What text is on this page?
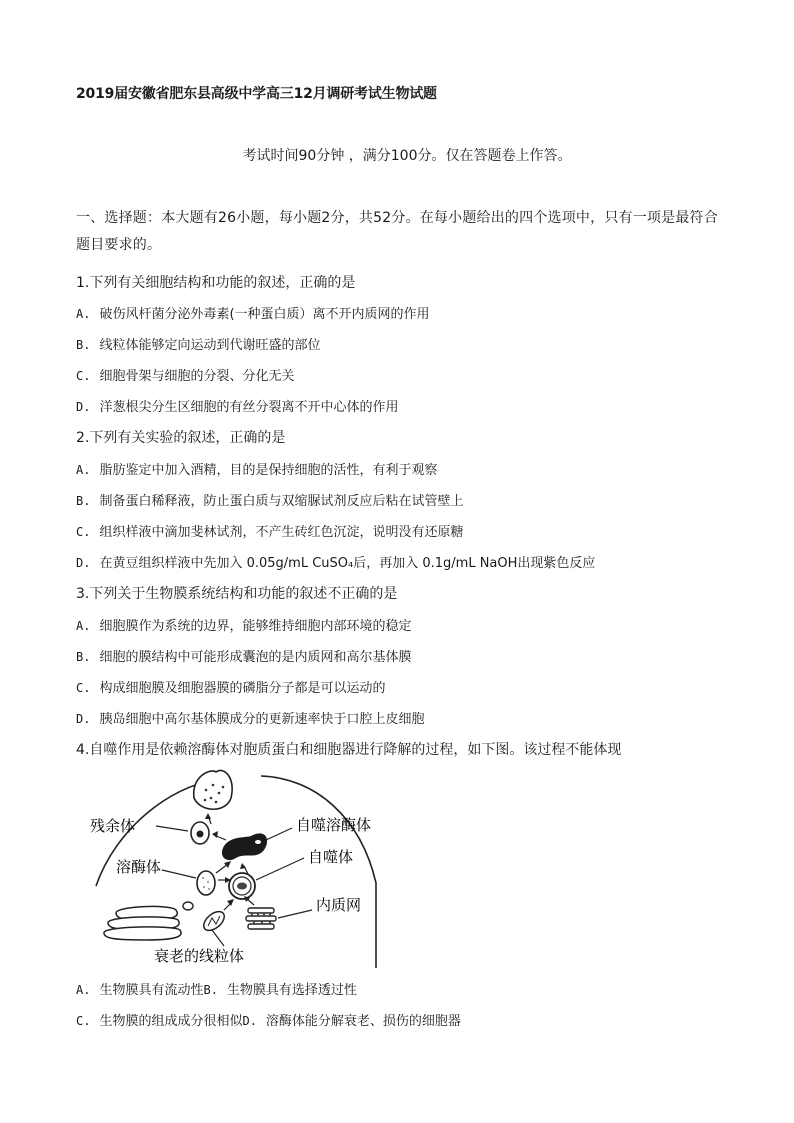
2019届安徽省肥东县高级中学高三12月调研考试生物试题
考试时间90分钟 ，满分100分。仅在答题卷上作答。
一、选择题：本大题有26小题，每小题2分，共52分。在每小题给出的四个选项中，只有一项是最符合题目要求的。
1.下列有关细胞结构和功能的叙述，正确的是
A. 破伤风杆菌分泌外毒素(一种蛋白质）离不开内质网的作用
B. 线粒体能够定向运动到代谢旺盛的部位
C. 细胞骨架与细胞的分裂、分化无关
D. 洋葱根尖分生区细胞的有丝分裂离不开中心体的作用
2.下列有关实验的叙述，正确的是
A. 脂肪鉴定中加入酒精，目的是保持细胞的活性，有利于观察
B. 制备蛋白稀释液，防止蛋白质与双缩脲试剂反应后粘在试管壁上
C. 组织样液中滴加斐林试剂，不产生砖红色沉淀，说明没有还原糖
D. 在黄豆组织样液中先加入 0.05g/mL CuSO₄后，再加入 0.1g/mL NaOH出现紫色反应
3.下列关于生物膜系统结构和功能的叙述不正确的是
A. 细胞膜作为系统的边界，能够维持细胞内部环境的稳定
B. 细胞的膜结构中可能形成囊泡的是内质网和高尔基体膜
C. 构成细胞膜及细胞器膜的磷脂分子都是可以运动的
D. 胰岛细胞中高尔基体膜成分的更新速率快于口腔上皮细胞
4.自噬作用是依赖溶酶体对胞质蛋白和细胞器进行降解的过程，如下图。该过程不能体现
残余体	自噬溶酶体
溶酶体
自噬体
衰老的线粒体
内质网
A. 生物膜具有流动性B. 生物膜具有选择透过性
C. 生物膜的组成成分很相似D. 溶酶体能分解衰老、损伤的细胞器
